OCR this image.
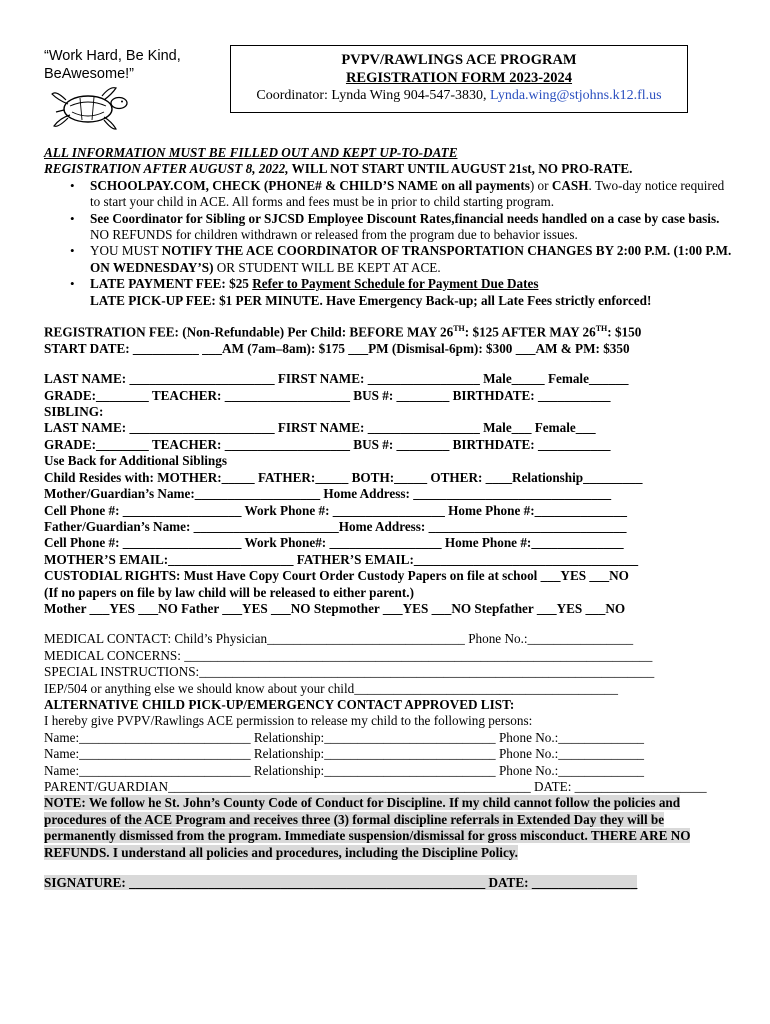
“Work Hard, Be Kind,
BeAwesome!”
PVPV/RAWLINGS ACE PROGRAM
REGISTRATION FORM 2023-2024
Coordinator: Lynda Wing 904-547-3830, Lynda.wing@stjohns.k12.fl.us

ALL INFORMATION MUST BE FILLED OUT AND KEPT UP-TO-DATE

REGISTRATION AFTER AUGUST 8, 2022, WILL NOT START UNTIL AUGUST 21st, NO PRO-RATE.

• SCHOOLPAY.COM, CHECK (PHONE# & CHILD’S NAME on all payments) or CASH. Two-day notice required to start your child in ACE. All forms and fees must be in prior to child starting program.

• See Coordinator for Sibling or SJCSD Employee Discount Rates,financial needs handled on a case by case basis. NO REFUNDS for children withdrawn or released from the program due to behavior issues.

• YOU MUST NOTIFY THE ACE COORDINATOR OF TRANSPORTATION CHANGES BY 2:00 P.M. (1:00 P.M. ON WEDNESDAY’S) OR STUDENT WILL BE KEPT AT ACE.

• LATE PAYMENT FEE: $25 Refer to Payment Schedule for Payment Due Dates

LATE PICK-UP FEE: $1 PER MINUTE. Have Emergency Back-up; all Late Fees strictly enforced!

REGISTRATION FEE: (Non-Refundable) Per Child: BEFORE MAY 26TH: $125 AFTER MAY 26TH: $150

START DATE: __________ ___AM (7am–8am): $175 ___PM (Dismisal-6pm): $300 ___AM & PM: $350

LAST NAME: ______________________ FIRST NAME: _________________ Male_____ Female______

GRADE:________ TEACHER: ___________________ BUS #: ________ BIRTHDATE: ___________

SIBLING:

LAST NAME: ______________________ FIRST NAME: _________________ Male___ Female___

GRADE:________ TEACHER: ___________________ BUS #: ________ BIRTHDATE: ___________

Use Back for Additional Siblings

Child Resides with: MOTHER:_____ FATHER:_____ BOTH:_____ OTHER: ____Relationship_________

Mother/Guardian’s Name:___________________ Home Address: ______________________________

Cell Phone #: __________________ Work Phone #: _________________ Home Phone #:______________

Father/Guardian’s Name: ______________________Home Address: ______________________________

Cell Phone #: __________________ Work Phone#: _________________ Home Phone #:______________

MOTHER’S EMAIL:___________________ FATHER’S EMAIL:__________________________________

CUSTODIAL RIGHTS: Must Have Copy Court Order Custody Papers on file at school ___YES ___NO

(If no papers on file by law child will be released to either parent.)

Mother ___YES ___NO Father ___YES ___NO Stepmother ___YES ___NO Stepfather ___YES ___NO

MEDICAL CONTACT: Child’s Physician______________________________ Phone No.:________________

MEDICAL CONCERNS: _______________________________________________________________________

SPECIAL INSTRUCTIONS:_____________________________________________________________________

IEP/504 or anything else we should know about your child________________________________________

ALTERNATIVE CHILD PICK-UP/EMERGENCY CONTACT APPROVED LIST:

I hereby give PVPV/Rawlings ACE permission to release my child to the following persons:

Name:__________________________ Relationship:__________________________ Phone No.:_____________

Name:__________________________ Relationship:__________________________ Phone No.:_____________

Name:__________________________ Relationship:__________________________ Phone No.:_____________

PARENT/GUARDIAN_______________________________________________________ DATE: ____________________

NOTE: We follow he St. John’s County Code of Conduct for Discipline. If my child cannot follow the policies and procedures of the ACE Program and receives three (3) formal discipline referrals in Extended Day they will be permanently dismissed from the program. Immediate suspension/dismissal for gross misconduct. THERE ARE NO REFUNDS. I understand all policies and procedures, including the Discipline Policy.

SIGNATURE: ______________________________________________________ DATE: ________________
